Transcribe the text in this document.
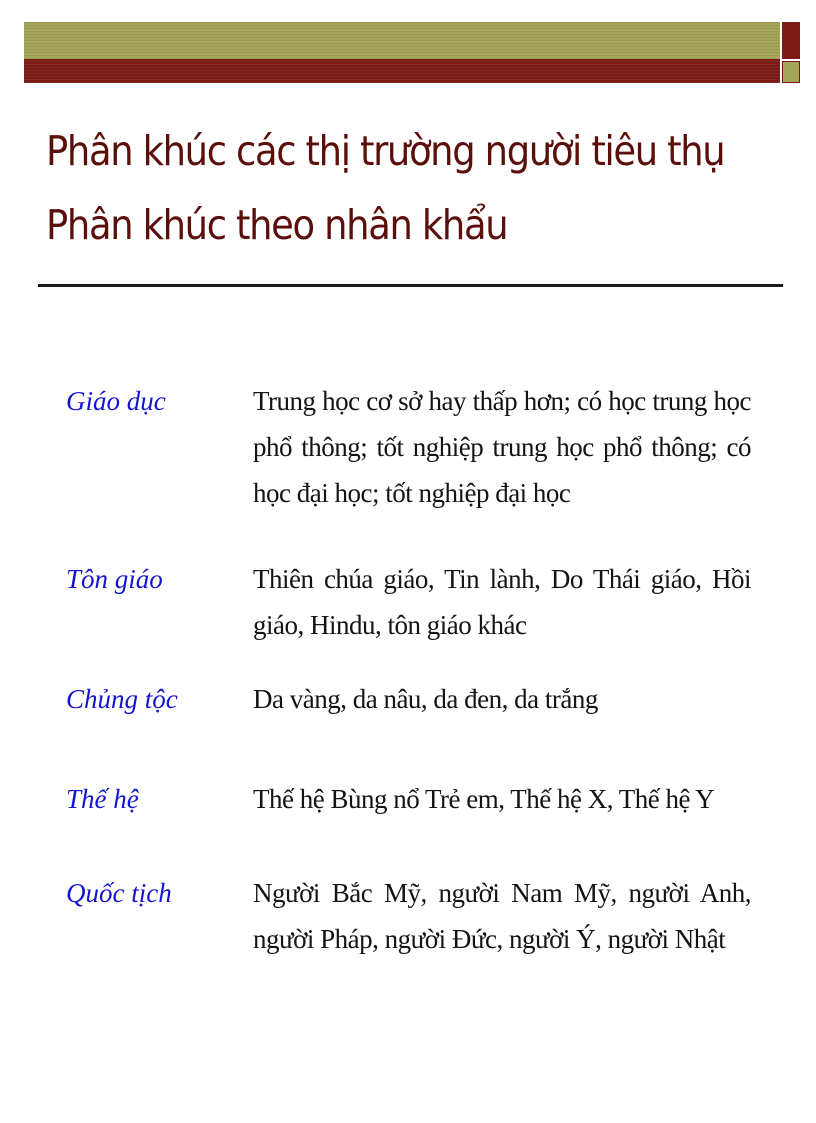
Phân khúc các thị trường người tiêu thụ
Phân khúc theo nhân khẩu
Giáo dục	Trung học cơ sở hay thấp hơn; có học trung học phổ thông; tốt nghiệp trung học phổ thông; có học đại học; tốt nghiệp đại học
Tôn giáo	Thiên chúa giáo, Tin lành, Do Thái giáo, Hồi giáo, Hindu, tôn giáo khác
Chủng tộc	Da vàng, da nâu, da đen, da trắng
Thế hệ	Thế hệ Bùng nổ Trẻ em, Thế hệ X, Thế hệ Y
Quốc tịch	Người Bắc Mỹ, người Nam Mỹ, người Anh, người Pháp, người Đức, người Ý, người Nhật
